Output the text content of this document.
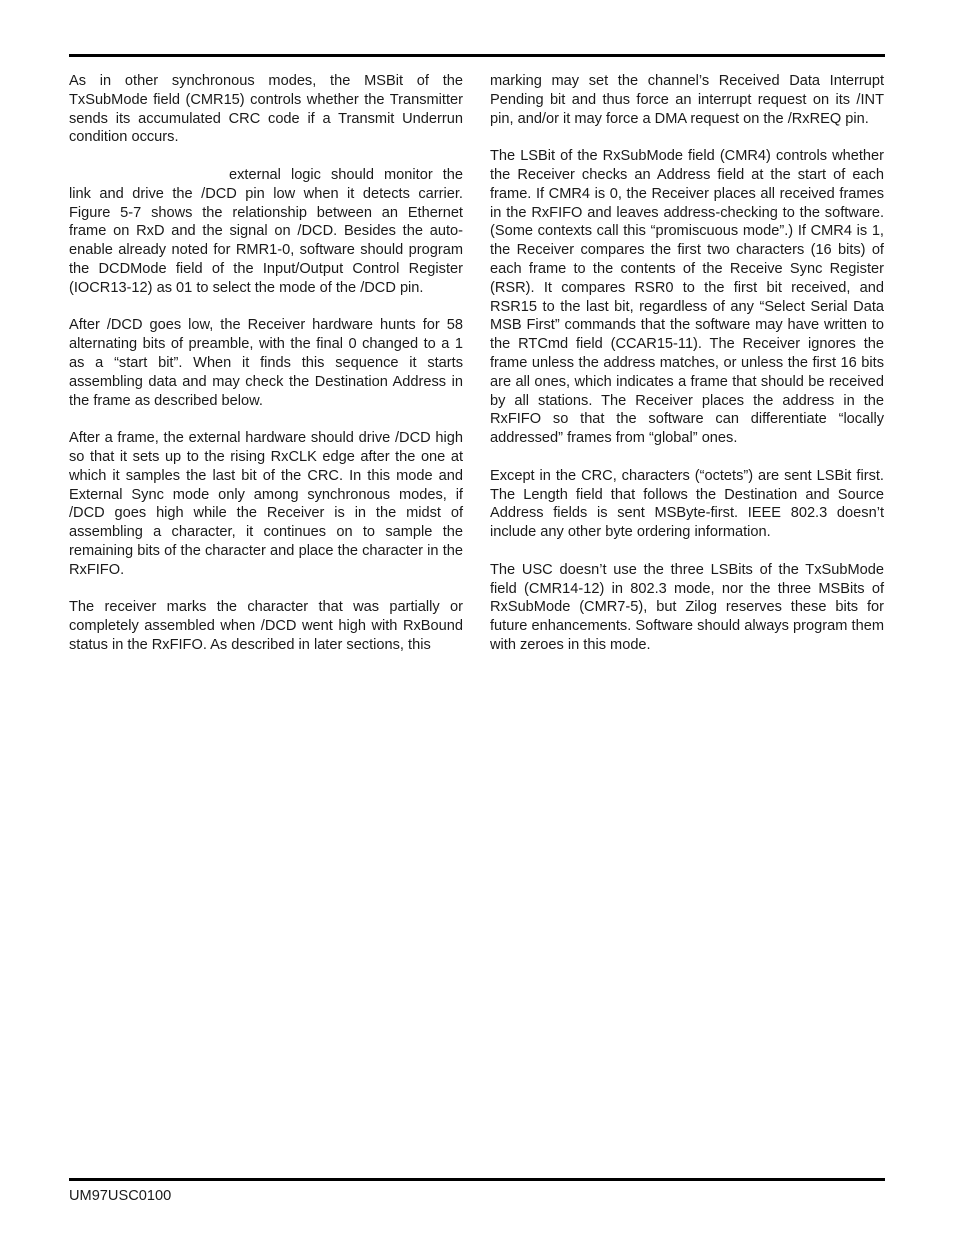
As in other synchronous modes, the MSBit of the TxSubMode field (CMR15) controls whether the Transmitter sends its accumulated CRC code if a Transmit Underrun condition occurs.

external logic should monitor the link and drive the /DCD pin low when it detects carrier. Figure 5-7 shows the relationship between an Ethernet frame on RxD and the signal on /DCD. Besides the auto-enable already noted for RMR1-0, software should program the DCDMode field of the Input/Output Control Register (IOCR13-12) as 01 to select the mode of the /DCD pin.

After /DCD goes low, the Receiver hardware hunts for 58 alternating bits of preamble, with the final 0 changed to a 1 as a “start bit”. When it finds this sequence it starts assembling data and may check the Destination Address in the frame as described below.

After a frame, the external hardware should drive /DCD high so that it sets up to the rising RxCLK edge after the one at which it samples the last bit of the CRC. In this mode and External Sync mode only among synchronous modes, if /DCD goes high while the Receiver is in the midst of assembling a character, it continues on to sample the remaining bits of the character and place the character in the RxFIFO.

The receiver marks the character that was partially or completely assembled when /DCD went high with RxBound status in the RxFIFO. As described in later sections, this

marking may set the channel’s Received Data Interrupt Pending bit and thus force an interrupt request on its /INT pin, and/or it may force a DMA request on the /RxREQ pin.

The LSBit of the RxSubMode field (CMR4) controls whether the Receiver checks an Address field at the start of each frame. If CMR4 is 0, the Receiver places all received frames in the RxFIFO and leaves address-checking to the software. (Some contexts call this “promiscuous mode”.) If CMR4 is 1, the Receiver compares the first two characters (16 bits) of each frame to the contents of the Receive Sync Register (RSR). It compares RSR0 to the first bit received, and RSR15 to the last bit, regardless of any “Select Serial Data MSB First” commands that the software may have written to the RTCmd field (CCAR15-11). The Receiver ignores the frame unless the address matches, or unless the first 16 bits are all ones, which indicates a frame that should be received by all stations. The Receiver places the address in the RxFIFO so that the software can differentiate “locally addressed” frames from “global” ones.

Except in the CRC, characters (“octets”) are sent LSBit first. The Length field that follows the Destination and Source Address fields is sent MSByte-first. IEEE 802.3 doesn’t include any other byte ordering information.

The USC doesn’t use the three LSBits of the TxSubMode field (CMR14-12) in 802.3 mode, nor the three MSBits of RxSubMode (CMR7-5), but Zilog reserves these bits for future enhancements. Software should always program them with zeroes in this mode.

UM97USC0100
